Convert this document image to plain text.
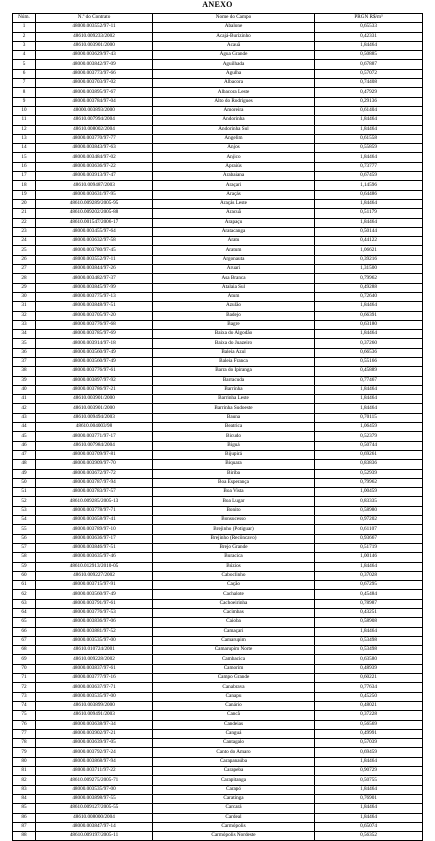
ANEXO
Núm.	N.º do Contrato	Nome do Campo	PRGN R$/m³
1	48000.003552/97-11	Abalone	0,65533
2	48610.009233/2002	Acajá-Burizinho	0,42331
3	48610.003901/2000	Acauã	1,84464
4	48000.003629/97-43	Água Grande	0,50885
5	48000.003842/97-09	Aguilhada	0,67887
6	48000.003773/97-66	Agulha	0,57072
7	48000.003703/97-02	Albacora	0,74408
8	48000.003895/97-67	Albacora Leste	0,47929
9	48000.003784/97-04	Alto do Rodrigues	0,29136
10	48000.003893/2000	Amoreira	0,61404
11	48610.007994/2004	Andorinha	1,84464
12	48610.008002/2004	Andorinha Sul	1,84464
13	48000.003770/97-77	Angelim	0,61558
14	48000.003843/97-63	Anjos	0,55859
15	48000.003484/97-02	Anjico	1,84464
16	48000.003636/97-22	Apraiús	0,73777
17	48000.003913/97-47	Arabaiana	0,67459
18	48610.009487/2003	Araçari	1,14596
19	48000.003631/97-95	Araçás	0,64486
20	48610.009289/2005-95	Araçás Leste	1,84464
21	48610.009202/2005-88	Aracuã	0,51179
22	48610.001547/2006-17	Arapaçu	1,84464
23	48000.003455/97-64	Aratacanga	0,50144
24	48000.003632/97-58	Aratu	0,44122
25	48000.003780/97-45	Aratum	1,06621
26	48000.003552/97-11	Argonauta	0,39216
27	48000.003844/97-26	Aruari	1,31500
28	48000.003482/97-37	Asa Branca	0,79962
29	48000.003845/97-99	Atalaia Sul	0,49288
30	48000.003775/97-13	Atum	0,72640
31	48000.003848/97-51	Azulão	1,84464
32	48000.003705/97-20	Badejo	0,66391
33	48000.003776/97-68	Bagre	0,63180
34	48000.003785/97-69	Baixa do Algodão	1,84464
35	48000.003914/97-18	Baixa do Juazeiro	0,37260
36	48000.003560/97-49	Baleia Azul	0,66536
37	48000.003560/97-49	Baleia Franca	0,55166
38	48000.003776/97-61	Barra do Ipiranga	0,45889
39	48000.003897/97-92	Barracuda	0,77467
40	48000.003786/97-21	Barrinha	1,84464
41	48610.003901/2000	Barrinha Leste	1,84464
42	48610.003901/2000	Barrinha Sudoeste	1,84464
43	48610.009494/2003	Bauna	0,70115
44	48610.004003/98	Beatrica	1,06459
45	48000.003771/97-17	Bicudo	0,52379
46	48610.007984/2004	Biguá	0,50744
47	48000.003709/97-81	Bijupirá	0,69261
48	48000.003909/97-70	Biquara	0,83836
49	48000.003672/97-72	Biriba	0,52939
50	48000.003787/97-94	Boa Esperança	0,79962
51	48000.003783/97-57	Boa Vista	1,00459
52	48610.009285/2005-13	Boa Lugar	0,83335
53	48000.003778/97-71	Bonito	0,58980
54	48000.003658/97-41	Bonsucesso	0,97202
55	48000.003789/97-10	Brejinho (Potiguar)	0,61107
56	48000.003636/97-17	Brejinho (Recôncavo)	0,93667
57	48000.003846/97-51	Brejo Grande	0,51719
58	48000.003635/97-46	Buracica	1,00146
59	48610.012913/2010-05	Búzios	1,84464
60	48610.009227/2002	Caboclinho	0,37028
61	48000.003715/97-91	Cação	0,67295
62	48000.003560/97-49	Cachalote	0,45484
63	48000.003791/97-61	Cachoeirinha	0,78987
64	48000.003776/97-53	Cacimbas	0,43251
65	48000.003836/97-06	Caioba	0,58908
66	48000.003881/97-52	Camaçari	1,84464
67	48000.003535/97-00	Camarupim	0,53498
68	48610.010724/2001	Camarupim Norte	0,53498
69	48610.009228/2002	Cambacica	0,63580
70	48000.003837/97-61	Camorim	0,48939
71	48000.003777/97-16	Campo Grande	0,60221
72	48000.003637/97-71	Canabrava	0,77634
73	48000.003535/97-00	Canapu	0,45250
74	48610.003899/2000	Canário	0,48021
75	48610.009491/2003	Cancã	0,37228
76	48000.003638/97-34	Candeias	0,56569
77	48000.003902/97-21	Canguá	0,49991
78	48000.003639/97-05	Cantagalo	0,57039
79	48000.003792/97-24	Canto do Amaro	0,69459
80	48000.003868/97-94	Carapanaúba	1,84464
81	48000.003711/97-22	Carapeba	0,90729
82	48610.009275/2005-71	Carapitanga	0,50755
83	48000.003535/97-00	Carapó	1,84464
84	48000.003898/97-55	Caratinga	0,76901
85	48610.009127/2005-55	Carcará	1,84464
86	48610.008000/2004	Cardeal	1,84464
87	48000.003847/97-14	Carmópolis	0,65074
88	48610.009197/2005-11	Carmópolis Nordeste	0,56352
